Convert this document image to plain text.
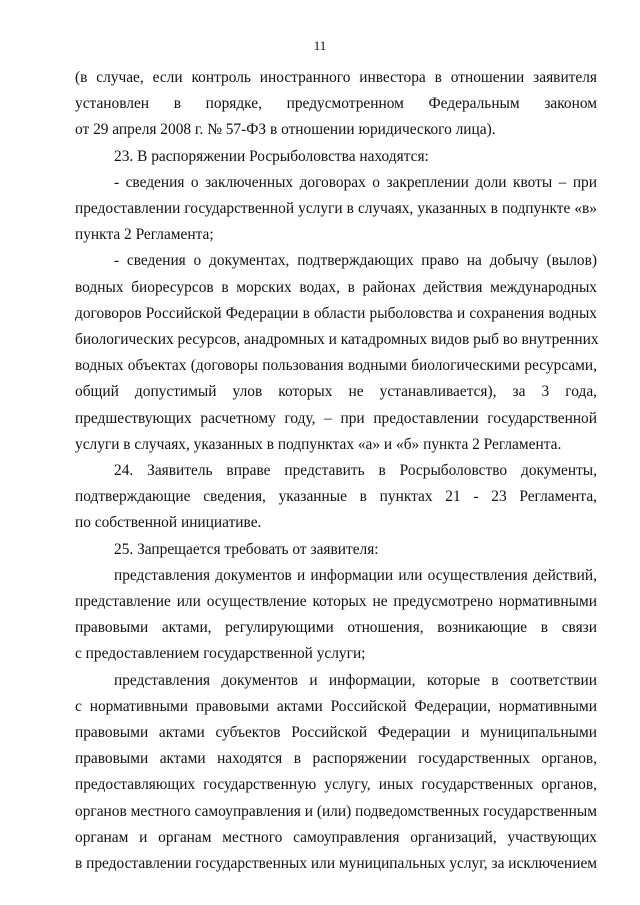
11
(в случае, если контроль иностранного инвестора в отношении заявителя
установлен в порядке, предусмотренном Федеральным законом
от 29 апреля 2008 г. № 57-ФЗ в отношении юридического лица).
23. В распоряжении Росрыболовства находятся:
- сведения о заключенных договорах о закреплении доли квоты – при
предоставлении государственной услуги в случаях, указанных в подпункте «в»
пункта 2 Регламента;
- сведения о документах, подтверждающих право на добычу (вылов)
водных биоресурсов в морских водах, в районах действия международных
договоров Российской Федерации в области рыболовства и сохранения водных
биологических ресурсов, анадромных и катадромных видов рыб во внутренних
водных объектах (договоры пользования водными биологическими ресурсами,
общий допустимый улов которых не устанавливается), за 3 года,
предшествующих расчетному году, – при предоставлении государственной
услуги в случаях, указанных в подпунктах «а» и «б» пункта 2 Регламента.
24. Заявитель вправе представить в Росрыболовство документы,
подтверждающие сведения, указанные в пунктах 21 - 23 Регламента,
по собственной инициативе.
25. Запрещается требовать от заявителя:
представления документов и информации или осуществления действий,
представление или осуществление которых не предусмотрено нормативными
правовыми актами, регулирующими отношения, возникающие в связи
с предоставлением государственной услуги;
представления документов и информации, которые в соответствии
с нормативными правовыми актами Российской Федерации, нормативными
правовыми актами субъектов Российской Федерации и муниципальными
правовыми актами находятся в распоряжении государственных органов,
предоставляющих государственную услугу, иных государственных органов,
органов местного самоуправления и (или) подведомственных государственным
органам и органам местного самоуправления организаций, участвующих
в предоставлении государственных или муниципальных услуг, за исключением
